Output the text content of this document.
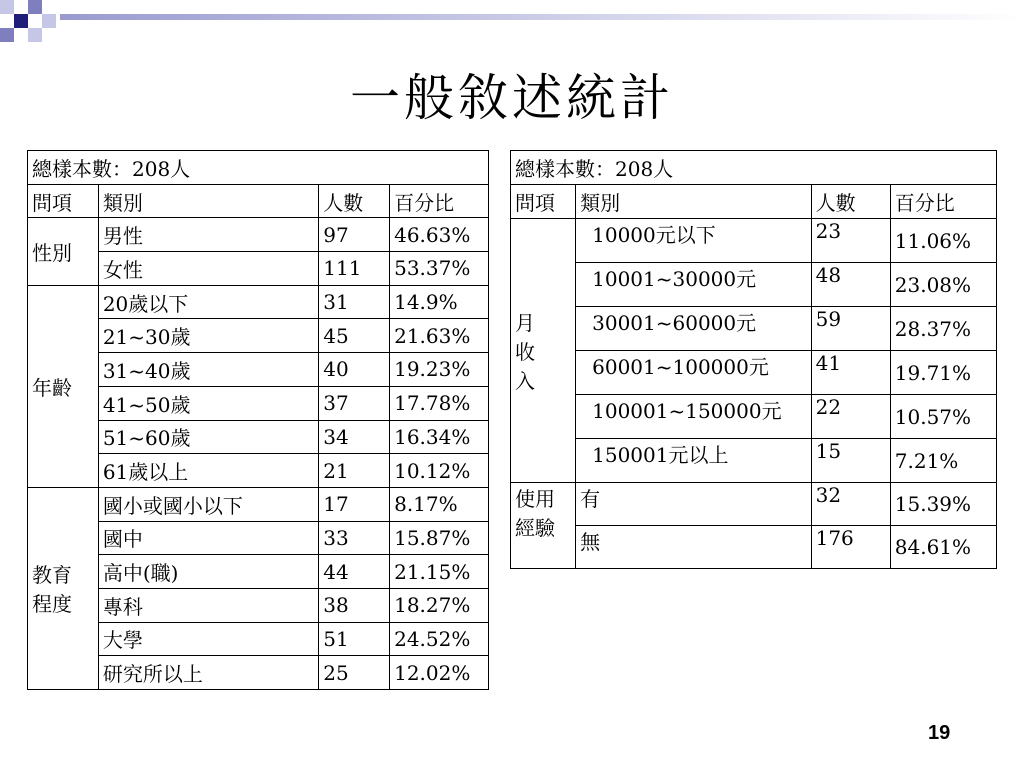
一般敘述統計
總樣本數：208人			
問項	類別	人數	百分比
性別	男性	97	46.63%
	女性	111	53.37%
年齡	20歲以下	31	14.9%
	21~30歲	45	21.63%
	31~40歲	40	19.23%
	41~50歲	37	17.78%
	51~60歲	34	16.34%
	61歲以上	21	10.12%
教育
程度	國小或國小以下	17	8.17%
	國中	33	15.87%
	高中(職)	44	21.15%
	專科	38	18.27%
	大學	51	24.52%
	研究所以上	25	12.02%
總樣本數：208人			
問項	類別	人數	百分比
月
收
入	10000元以下	23	11.06%
	10001~30000元	48	23.08%
	30001~60000元	59	28.37%
	60001~100000元	41	19.71%
	100001~150000元	22	10.57%
	150001元以上	15	7.21%
使用
經驗	有	32	15.39%
	無	176	84.61%
19
